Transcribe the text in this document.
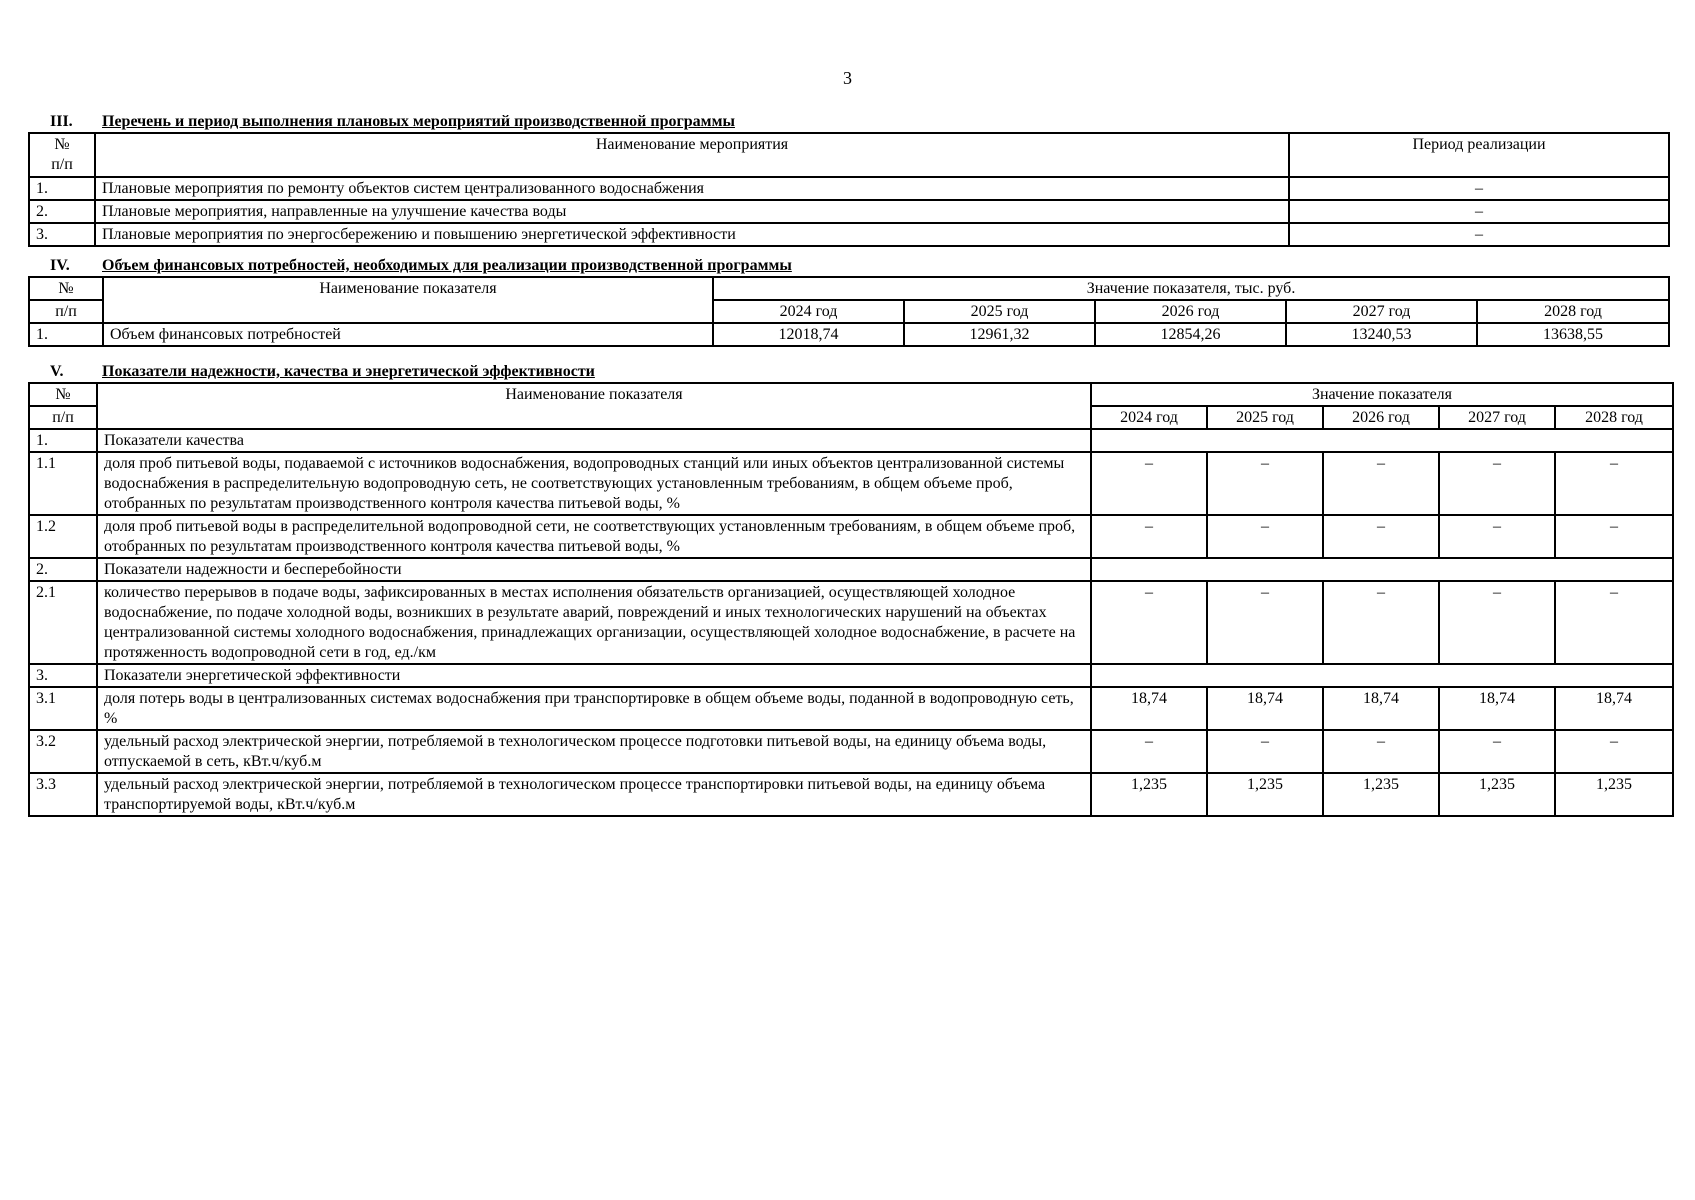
3
III. Перечень и период выполнения плановых мероприятий производственной программы
№
п/п	Наименование мероприятия	Период реализации
1.	Плановые мероприятия по ремонту объектов систем централизованного водоснабжения	–
2.	Плановые мероприятия, направленные на улучшение качества воды	–
3.	Плановые мероприятия по энергосбережению и повышению энергетической эффективности	–
IV. Объем финансовых потребностей, необходимых для реализации производственной программы
№	Наименование показателя	Значение показателя, тыс. руб.				
п/п		2024 год	2025 год	2026 год	2027 год	2028 год
1.	Объем финансовых потребностей	12018,74	12961,32	12854,26	13240,53	13638,55
V. Показатели надежности, качества и энергетической эффективности
№	Наименование показателя	Значение показателя				
п/п		2024 год	2025 год	2026 год	2027 год	2028 год
1.	Показатели качества					
1.1	доля проб питьевой воды, подаваемой с источников водоснабжения, водопроводных станций или иных объектов централизованной системы водоснабжения в распределительную водопроводную сеть, не соответствующих установленным требованиям, в общем объеме проб, отобранных по результатам производственного контроля качества питьевой воды, %	–	–	–	–	–
1.2	доля проб питьевой воды в распределительной водопроводной сети, не соответствующих установленным требованиям, в общем объеме проб, отобранных по результатам производственного контроля качества питьевой воды, %	–	–	–	–	–
2.	Показатели надежности и бесперебойности					
2.1	количество перерывов в подаче воды, зафиксированных в местах исполнения обязательств организацией, осуществляющей холодное водоснабжение, по подаче холодной воды, возникших в результате аварий, повреждений и иных технологических нарушений на объектах централизованной системы холодного водоснабжения, принадлежащих организации, осуществляющей холодное водоснабжение, в расчете на протяженность водопроводной сети в год, ед./км	–	–	–	–	–
3.	Показатели энергетической эффективности					
3.1	доля потерь воды в централизованных системах водоснабжения при транспортировке в общем объеме воды, поданной в водопроводную сеть, %	18,74	18,74	18,74	18,74	18,74
3.2	удельный расход электрической энергии, потребляемой в технологическом процессе подготовки питьевой воды, на единицу объема воды, отпускаемой в сеть, кВт.ч/куб.м	–	–	–	–	–
3.3	удельный расход электрической энергии, потребляемой в технологическом процессе транспортировки питьевой воды, на единицу объема транспортируемой воды, кВт.ч/куб.м	1,235	1,235	1,235	1,235	1,235
